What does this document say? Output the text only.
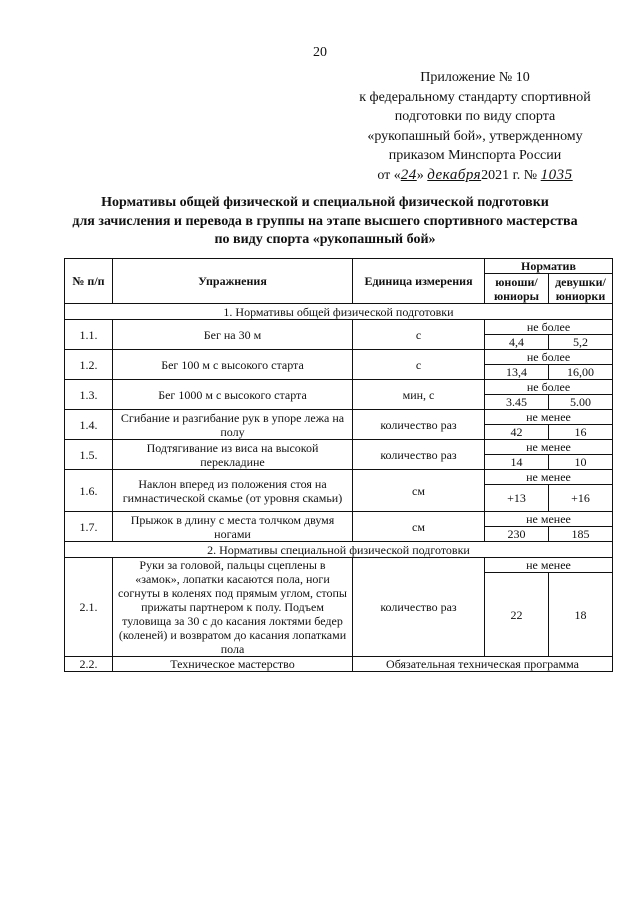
20
Приложение № 10
к федеральному стандарту спортивной
подготовки по виду спорта
«рукопашный бой», утвержденному
приказом Минспорта России
от «24» декабря2021 г. № 1035
Нормативы общей физической и специальной физической подготовки
для зачисления и перевода в группы на этапе высшего спортивного мастерства
по виду спорта «рукопашный бой»
№ п/п	Упражнения	Единица измерения	Норматив	
			юноши/ юниоры	девушки/ юниорки
1. Нормативы общей физической подготовки				
1.1.	Бег на 30 м	с	не более	
			4,4	5,2
1.2.	Бег 100 м с высокого старта	с	не более	
			13,4	16,00
1.3.	Бег 1000 м с высокого старта	мин, с	не более	
			3.45	5.00
1.4.	Сгибание и разгибание рук в упоре лежа на полу	количество раз	не менее	
			42	16
1.5.	Подтягивание из виса на высокой перекладине	количество раз	не менее	
			14	10
1.6.	Наклон вперед из положения стоя на гимнастической скамье (от уровня скамьи)	см	не менее	
			+13	+16
1.7.	Прыжок в длину с места толчком двумя ногами	см	не менее	
			230	185
2. Нормативы специальной физической подготовки				
2.1.	Руки за головой, пальцы сцеплены в «замок», лопатки касаются пола, ноги согнуты в коленях под прямым углом, стопы прижаты партнером к полу. Подъем туловища за 30 с до касания локтями бедер (коленей) и возвратом до касания лопатками пола	количество раз	не менее	
			22	18
2.2.	Техническое мастерство	Обязательная техническая программа		
